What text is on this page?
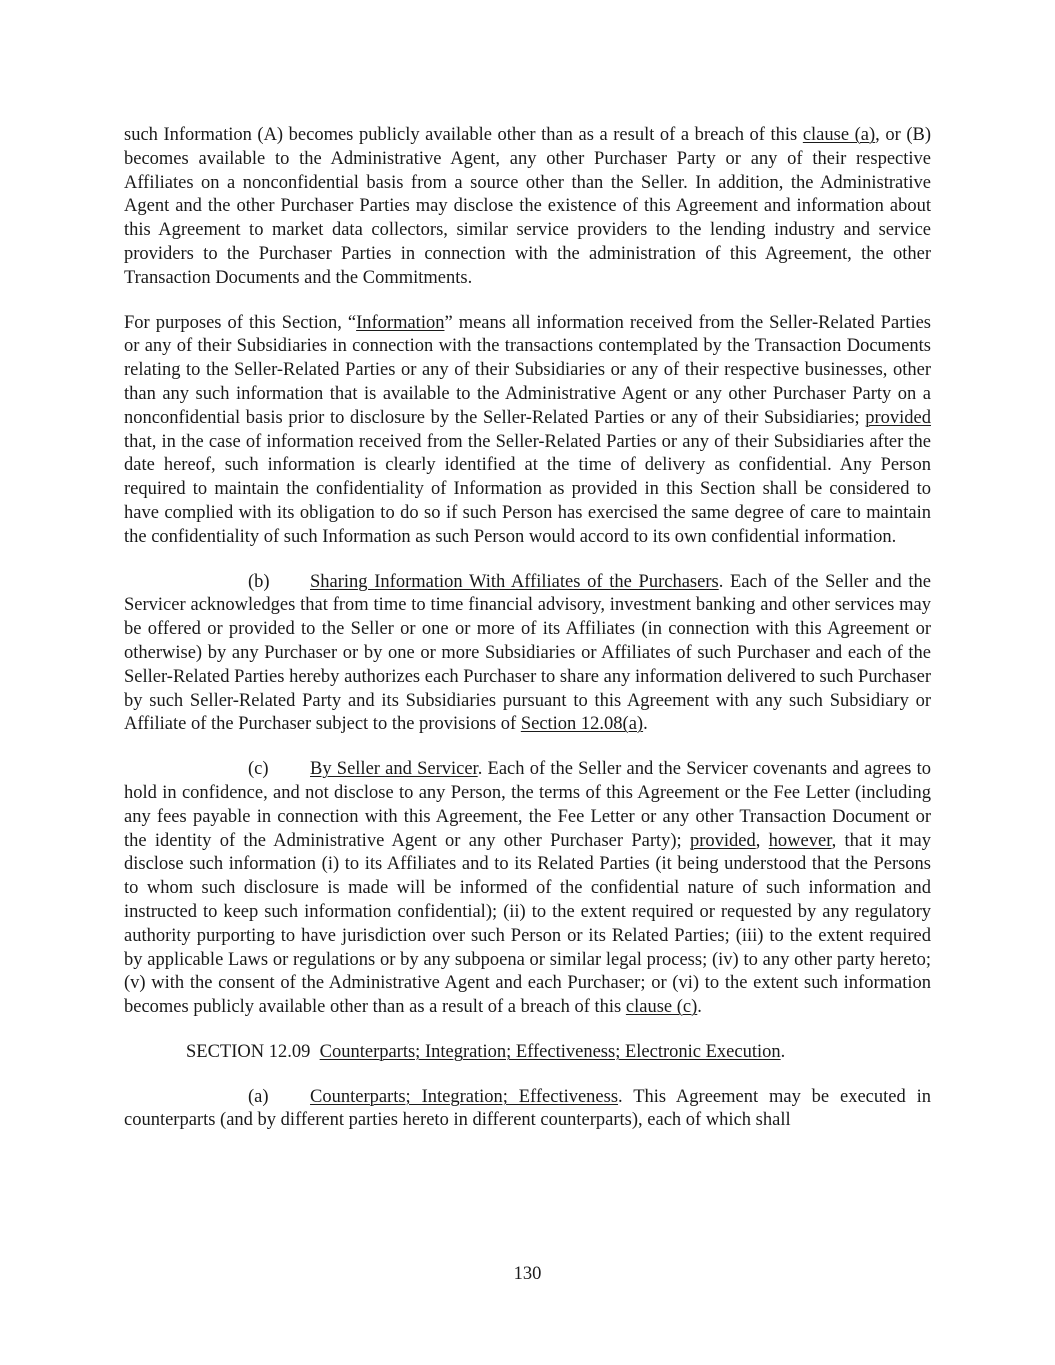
such Information (A) becomes publicly available other than as a result of a breach of this clause (a), or (B) becomes available to the Administrative Agent, any other Purchaser Party or any of their respective Affiliates on a nonconfidential basis from a source other than the Seller. In addition, the Administrative Agent and the other Purchaser Parties may disclose the existence of this Agreement and information about this Agreement to market data collectors, similar service providers to the lending industry and service providers to the Purchaser Parties in connection with the administration of this Agreement, the other Transaction Documents and the Commitments.

For purposes of this Section, “Information” means all information received from the Seller-Related Parties or any of their Subsidiaries in connection with the transactions contemplated by the Transaction Documents relating to the Seller-Related Parties or any of their Subsidiaries or any of their respective businesses, other than any such information that is available to the Administrative Agent or any other Purchaser Party on a nonconfidential basis prior to disclosure by the Seller-Related Parties or any of their Subsidiaries; provided that, in the case of information received from the Seller-Related Parties or any of their Subsidiaries after the date hereof, such information is clearly identified at the time of delivery as confidential. Any Person required to maintain the confidentiality of Information as provided in this Section shall be considered to have complied with its obligation to do so if such Person has exercised the same degree of care to maintain the confidentiality of such Information as such Person would accord to its own confidential information.

(b) Sharing Information With Affiliates of the Purchasers. Each of the Seller and the Servicer acknowledges that from time to time financial advisory, investment banking and other services may be offered or provided to the Seller or one or more of its Affiliates (in connection with this Agreement or otherwise) by any Purchaser or by one or more Subsidiaries or Affiliates of such Purchaser and each of the Seller-Related Parties hereby authorizes each Purchaser to share any information delivered to such Purchaser by such Seller-Related Party and its Subsidiaries pursuant to this Agreement with any such Subsidiary or Affiliate of the Purchaser subject to the provisions of Section 12.08(a).

(c) By Seller and Servicer. Each of the Seller and the Servicer covenants and agrees to hold in confidence, and not disclose to any Person, the terms of this Agreement or the Fee Letter (including any fees payable in connection with this Agreement, the Fee Letter or any other Transaction Document or the identity of the Administrative Agent or any other Purchaser Party); provided, however, that it may disclose such information (i) to its Affiliates and to its Related Parties (it being understood that the Persons to whom such disclosure is made will be informed of the confidential nature of such information and instructed to keep such information confidential); (ii) to the extent required or requested by any regulatory authority purporting to have jurisdiction over such Person or its Related Parties; (iii) to the extent required by applicable Laws or regulations or by any subpoena or similar legal process; (iv) to any other party hereto; (v) with the consent of the Administrative Agent and each Purchaser; or (vi) to the extent such information becomes publicly available other than as a result of a breach of this clause (c).

SECTION 12.09 Counterparts; Integration; Effectiveness; Electronic Execution.

(a) Counterparts; Integration; Effectiveness. This Agreement may be executed in counterparts (and by different parties hereto in different counterparts), each of which shall

130
